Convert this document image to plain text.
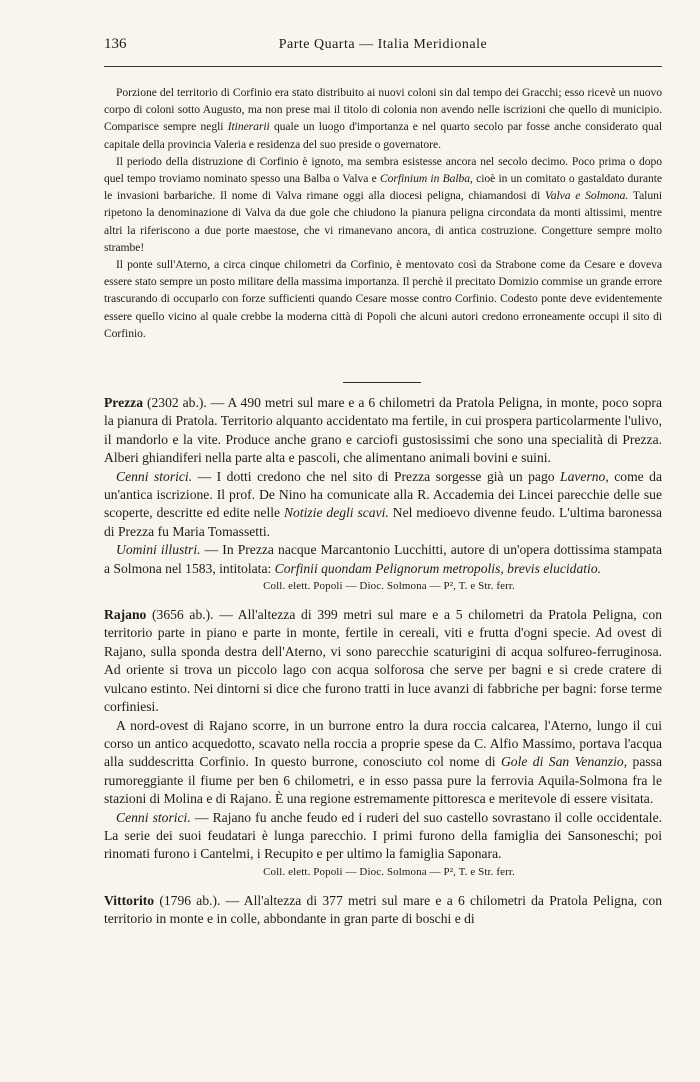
136	Parte Quarta — Italia Meridionale

Porzione del territorio di Corfinio era stato distribuito ai nuovi coloni sin dal tempo dei Gracchi; esso ricevè un nuovo corpo di coloni sotto Augusto, ma non prese mai il titolo di colonia non avendo nelle iscrizioni che quello di municipio. Comparisce sempre negli Itinerarii quale un luogo d'importanza e nel quarto secolo par fosse anche considerato qual capitale della provincia Valeria e residenza del suo preside o governatore.

Il periodo della distruzione di Corfinio è ignoto, ma sembra esistesse ancora nel secolo decimo. Poco prima o dopo quel tempo troviamo nominato spesso una Balba o Valva e Corfinium in Balba, cioè in un comitato o gastaldato durante le invasioni barbariche. Il nome di Valva rimane oggi alla diocesi peligna, chiamandosi di Valva e Solmona. Taluni ripetono la denominazione di Valva da due gole che chiudono la pianura peligna circondata da monti altissimi, mentre altri la riferiscono a due porte maestose, che vi rimanevano ancora, di antica costruzione. Congetture sempre molto strambe!

Il ponte sull'Aterno, a circa cinque chilometri da Corfinio, è mentovato così da Strabone come da Cesare e doveva essere stato sempre un posto militare della massima importanza. Il perchè il precitato Domizio commise un grande errore trascurando di occuparlo con forze sufficienti quando Cesare mosse contro Corfinio. Codesto ponte deve evidentemente essere quello vicino al quale crebbe la moderna città di Popoli che alcuni autori credono erroneamente occupi il sito di Corfinio.

Prezza (2302 ab.). — A 490 metri sul mare e a 6 chilometri da Pratola Peligna, in monte, poco sopra la pianura di Pratola. Territorio alquanto accidentato ma fertile, in cui prospera particolarmente l'ulivo, il mandorlo e la vite. Produce anche grano e carciofi gustosissimi che sono una specialità di Prezza. Alberi ghiandiferi nella parte alta e pascoli, che alimentano animali bovini e suini.

Cenni storici. — I dotti credono che nel sito di Prezza sorgesse già un pago Laverno, come da un'antica iscrizione. Il prof. De Nino ha comunicate alla R. Accademia dei Lincei parecchie delle sue scoperte, descritte ed edite nelle Notizie degli scavi. Nel medioevo divenne feudo. L'ultima baronessa di Prezza fu Maria Tomassetti.

Uomini illustri. — In Prezza nacque Marcantonio Lucchitti, autore di un'opera dottissima stampata a Solmona nel 1583, intitolata: Corfinii quondam Pelignorum metropolis, brevis elucidatio.

Coll. elett. Popoli — Dioc. Solmona — P², T. e Str. ferr.

Rajano (3656 ab.). — All'altezza di 399 metri sul mare e a 5 chilometri da Pratola Peligna, con territorio parte in piano e parte in monte, fertile in cereali, viti e frutta d'ogni specie. Ad ovest di Rajano, sulla sponda destra dell'Aterno, vi sono parecchie scaturigini di acqua solfureo-ferruginosa. Ad oriente si trova un piccolo lago con acqua solforosa che serve per bagni e si crede cratere di vulcano estinto. Nei dintorni si dice che furono tratti in luce avanzi di fabbriche per bagni: forse terme corfiniesi.

A nord-ovest di Rajano scorre, in un burrone entro la dura roccia calcarea, l'Aterno, lungo il cui corso un antico acquedotto, scavato nella roccia a proprie spese da C. Alfio Massimo, portava l'acqua alla suddescritta Corfinio. In questo burrone, conosciuto col nome di Gole di San Venanzio, passa rumoreggiante il fiume per ben 6 chilometri, e in esso passa pure la ferrovia Aquila-Solmona fra le stazioni di Molina e di Rajano. È una regione estremamente pittoresca e meritevole di essere visitata.

Cenni storici. — Rajano fu anche feudo ed i ruderi del suo castello sovrastano il colle occidentale. La serie dei suoi feudatari è lunga parecchio. I primi furono della famiglia dei Sansoneschi; poi rinomati furono i Cantelmi, i Recupito e per ultimo la famiglia Saponara.

Coll. elett. Popoli — Dioc. Solmona — P², T. e Str. ferr.

Vittorito (1796 ab.). — All'altezza di 377 metri sul mare e a 6 chilometri da Pratola Peligna, con territorio in monte e in colle, abbondante in gran parte di boschi e di
